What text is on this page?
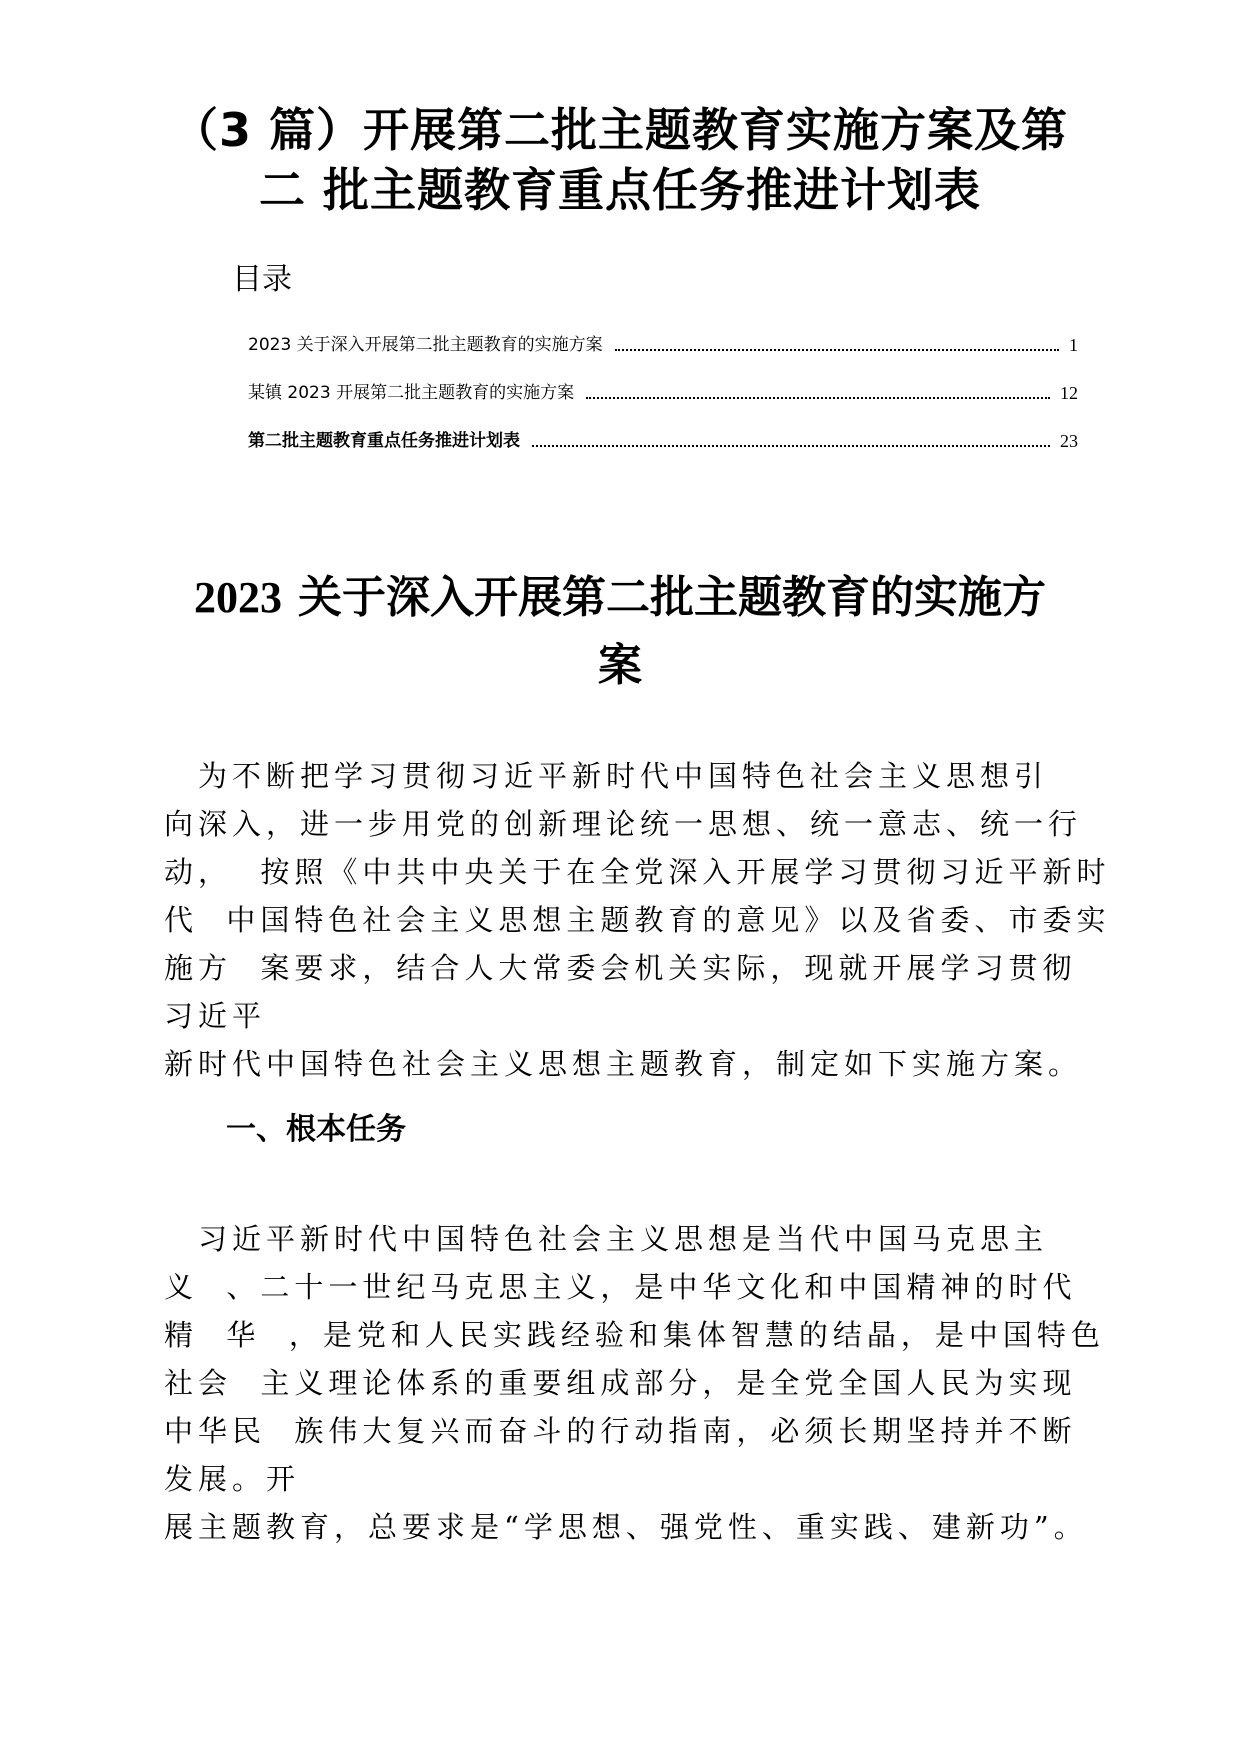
（3 篇）开展第二批主题教育实施方案及第
二 批主题教育重点任务推进计划表
目录
2023 关于深入开展第二批主题教育的实施方案	1
某镇 2023 开展第二批主题教育的实施方案	12
第二批主题教育重点任务推进计划表	23
2023 关于深入开展第二批主题教育的实施方
案

　为不断把学习贯彻习近平新时代中国特色社会主义思想引
向深入，进一步用党的创新理论统一思想、统一意志、统一行
动，  按照《中共中央关于在全党深入开展学习贯彻习近平新时
代  中国特色社会主义思想主题教育的意见》以及省委、市委实
施方  案要求，结合人大常委会机关实际，现就开展学习贯彻
习近平
新时代中国特色社会主义思想主题教育，制定如下实施方案。

一、根本任务

　习近平新时代中国特色社会主义思想是当代中国马克思主
义  、二十一世纪马克思主义，是中华文化和中国精神的时代
精  华  ，是党和人民实践经验和集体智慧的结晶，是中国特色
社会  主义理论体系的重要组成部分，是全党全国人民为实现
中华民  族伟大复兴而奋斗的行动指南，必须长期坚持并不断
发展。开
展主题教育，总要求是“学思想、强党性、重实践、建新功”。
